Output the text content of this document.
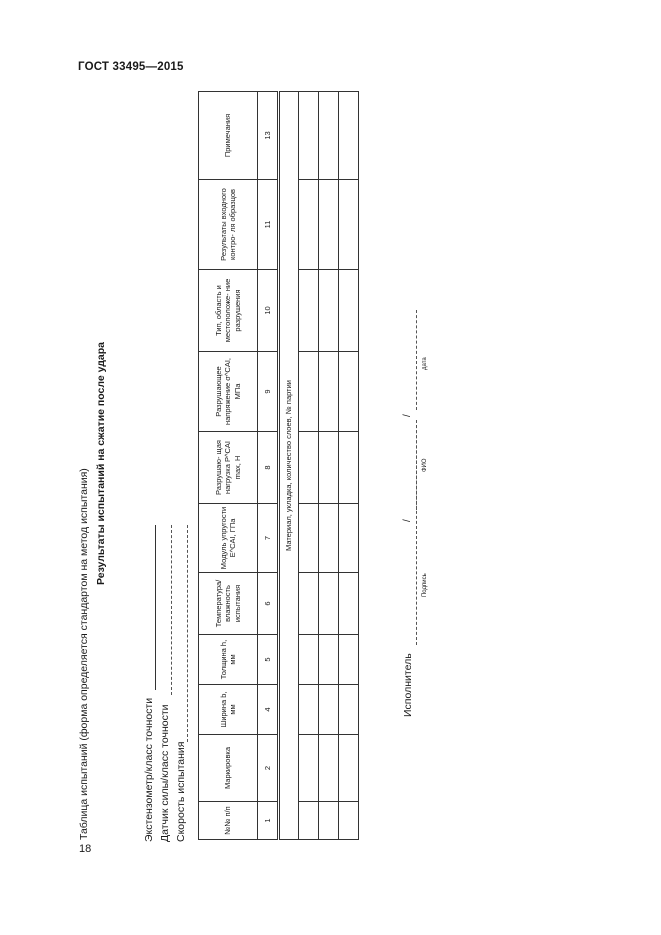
ГОСТ 33495—2015
18
Таблица испытаний (форма определяется стандартом на метод испытания)	Экстензометр/класс точности Датчик силы/класс точности Скорость испытания
Результаты испытаний на сжатие после удара
№№ п/п	Маркировка	Ширина b, мм	Толщина h, мм	Температура/ влажность испытания	Модуль упругости E^CAI, ГПа	Разрушаю- щая нагрузка P^CAI max, Н	Разрушающее напряжение σ^CAI, МПа	Тип, область и местоположе- ние разрушения	Результаты входного контро- ля образцов	Примечания
1	2	4	5	6	7	8	9	10	11	13

Материал, укладка, количество слоев, № партии										

Исполнитель
/
/
Подпись
ФИО
дата
